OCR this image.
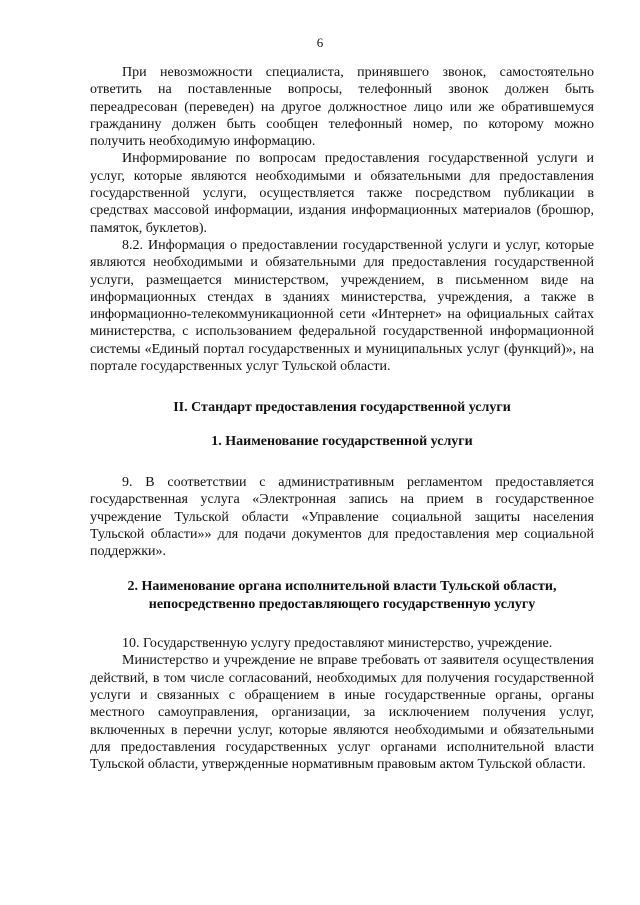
6

При невозможности специалиста, принявшего звонок, самостоятельно ответить на поставленные вопросы, телефонный звонок должен быть переадресован (переведен) на другое должностное лицо или же обратившемуся гражданину должен быть сообщен телефонный номер, по которому можно получить необходимую информацию.

Информирование по вопросам предоставления государственной услуги и услуг, которые являются необходимыми и обязательными для предоставления государственной услуги, осуществляется также посредством публикации в средствах массовой информации, издания информационных материалов (брошюр, памяток, буклетов).

8.2. Информация о предоставлении государственной услуги и услуг, которые являются необходимыми и обязательными для предоставления государственной услуги, размещается министерством, учреждением, в письменном виде на информационных стендах в зданиях министерства, учреждения, а также в информационно-телекоммуникационной сети «Интернет» на официальных сайтах министерства, с использованием федеральной государственной информационной системы «Единый портал государственных и муниципальных услуг (функций)», на портале государственных услуг Тульской области.

II. Стандарт предоставления государственной услуги

1. Наименование государственной услуги

9. В соответствии с административным регламентом предоставляется государственная услуга «Электронная запись на прием в государственное учреждение Тульской области «Управление социальной защиты населения Тульской области»» для подачи документов для предоставления мер социальной поддержки».

2. Наименование органа исполнительной власти Тульской области,

непосредственно предоставляющего государственную услугу

10. Государственную услугу предоставляют министерство, учреждение.

Министерство и учреждение не вправе требовать от заявителя осуществления действий, в том числе согласований, необходимых для получения государственной услуги и связанных с обращением в иные государственные органы, органы местного самоуправления, организации, за исключением получения услуг, включенных в перечни услуг, которые являются необходимыми и обязательными для предоставления государственных услуг органами исполнительной власти Тульской области, утвержденные нормативным правовым актом Тульской области.
